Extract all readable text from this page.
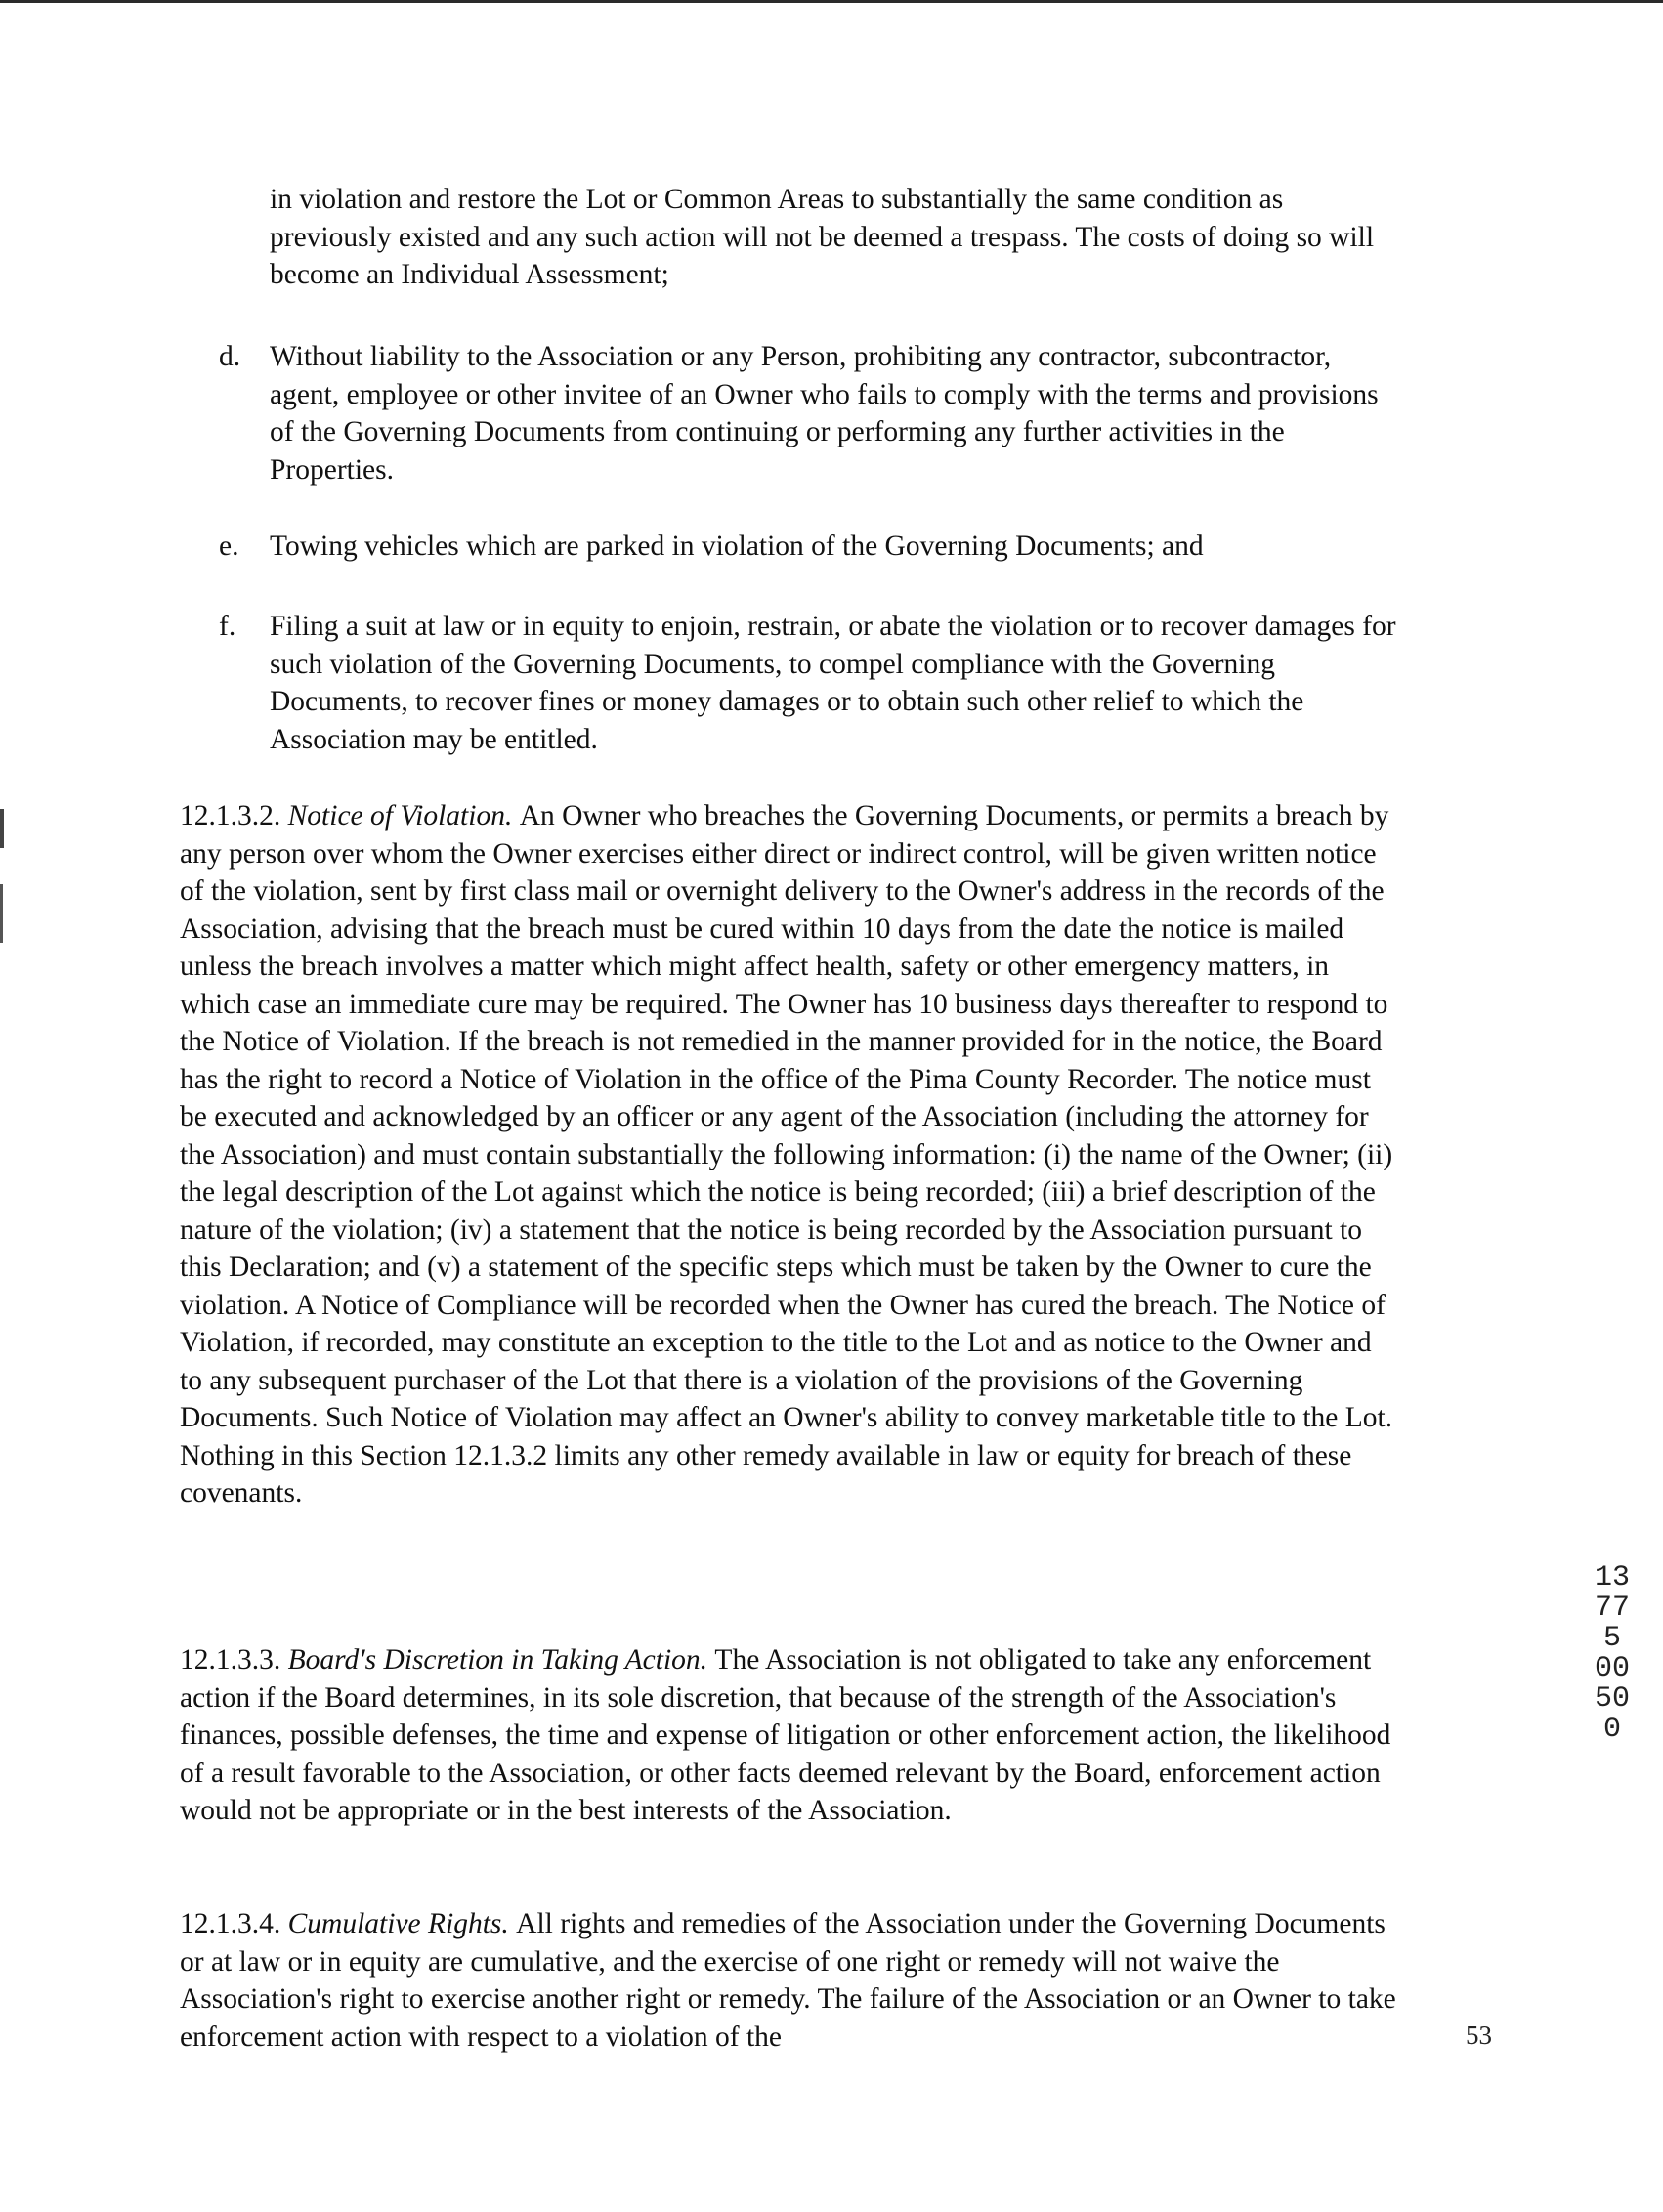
in violation and restore the Lot or Common Areas to substantially the same condition as previously existed and any such action will not be deemed a trespass. The costs of doing so will become an Individual Assessment;
d.	Without liability to the Association or any Person, prohibiting any contractor, subcontractor, agent, employee or other invitee of an Owner who fails to comply with the terms and provisions of the Governing Documents from continuing or performing any further activities in the Properties.
e.	Towing vehicles which are parked in violation of the Governing Documents; and
f.	Filing a suit at law or in equity to enjoin, restrain, or abate the violation or to recover damages for such violation of the Governing Documents, to compel compliance with the Governing Documents, to recover fines or money damages or to obtain such other relief to which the Association may be entitled.
12.1.3.2. Notice of Violation. An Owner who breaches the Governing Documents, or permits a breach by any person over whom the Owner exercises either direct or indirect control, will be given written notice of the violation, sent by first class mail or overnight delivery to the Owner's address in the records of the Association, advising that the breach must be cured within 10 days from the date the notice is mailed unless the breach involves a matter which might affect health, safety or other emergency matters, in which case an immediate cure may be required. The Owner has 10 business days thereafter to respond to the Notice of Violation. If the breach is not remedied in the manner provided for in the notice, the Board has the right to record a Notice of Violation in the office of the Pima County Recorder. The notice must be executed and acknowledged by an officer or any agent of the Association (including the attorney for the Association) and must contain substantially the following information: (i) the name of the Owner; (ii) the legal description of the Lot against which the notice is being recorded; (iii) a brief description of the nature of the violation; (iv) a statement that the notice is being recorded by the Association pursuant to this Declaration; and (v) a statement of the specific steps which must be taken by the Owner to cure the violation. A Notice of Compliance will be recorded when the Owner has cured the breach. The Notice of Violation, if recorded, may constitute an exception to the title to the Lot and as notice to the Owner and to any subsequent purchaser of the Lot that there is a violation of the provisions of the Governing Documents. Such Notice of Violation may affect an Owner's ability to convey marketable title to the Lot. Nothing in this Section 12.1.3.2 limits any other remedy available in law or equity for breach of these covenants.
12.1.3.3. Board's Discretion in Taking Action. The Association is not obligated to take any enforcement action if the Board determines, in its sole discretion, that because of the strength of the Association's finances, possible defenses, the time and expense of litigation or other enforcement action, the likelihood of a result favorable to the Association, or other facts deemed relevant by the Board, enforcement action would not be appropriate or in the best interests of the Association.
12.1.3.4. Cumulative Rights. All rights and remedies of the Association under the Governing Documents or at law or in equity are cumulative, and the exercise of one right or remedy will not waive the Association's right to exercise another right or remedy. The failure of the Association or an Owner to take enforcement action with respect to a violation of the
13775 00500
53
